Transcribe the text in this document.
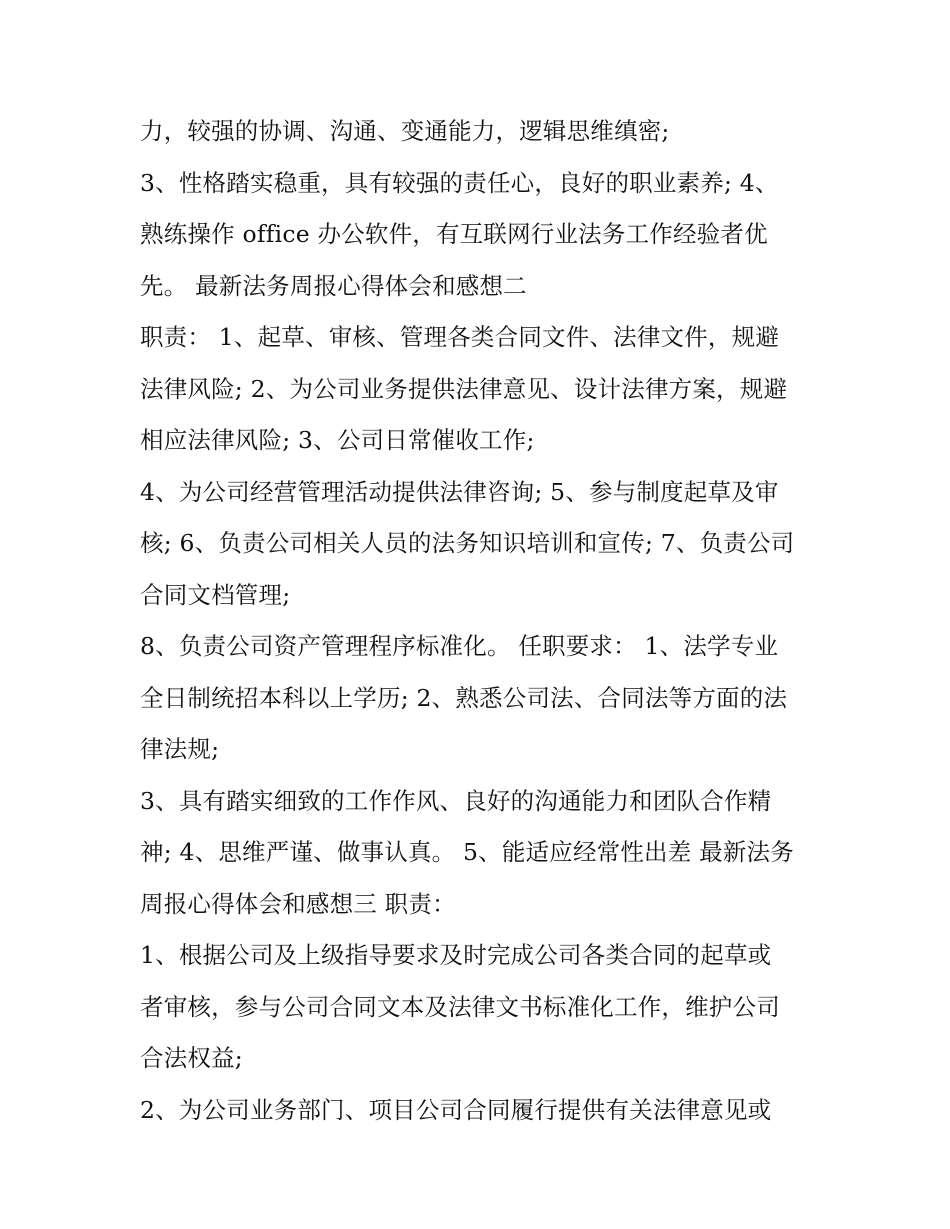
力，较强的协调、沟通、变通能力，逻辑思维缜密;
3、性格踏实稳重，具有较强的责任心，良好的职业素养; 4、
熟练操作 office 办公软件，有互联网行业法务工作经验者优
先。 最新法务周报心得体会和感想二
职责： 1、起草、审核、管理各类合同文件、法律文件，规避
法律风险; 2、为公司业务提供法律意见、设计法律方案，规避
相应法律风险; 3、公司日常催收工作;
4、为公司经营管理活动提供法律咨询; 5、参与制度起草及审
核; 6、负责公司相关人员的法务知识培训和宣传; 7、负责公司
合同文档管理;
8、负责公司资产管理程序标准化。 任职要求： 1、法学专业
全日制统招本科以上学历; 2、熟悉公司法、合同法等方面的法
律法规;
3、具有踏实细致的工作作风、良好的沟通能力和团队合作精
神; 4、思维严谨、做事认真。 5、能适应经常性出差 最新法务
周报心得体会和感想三 职责：
1、根据公司及上级指导要求及时完成公司各类合同的起草或
者审核，参与公司合同文本及法律文书标准化工作，维护公司
合法权益;
2、为公司业务部门、项目公司合同履行提供有关法律意见或
